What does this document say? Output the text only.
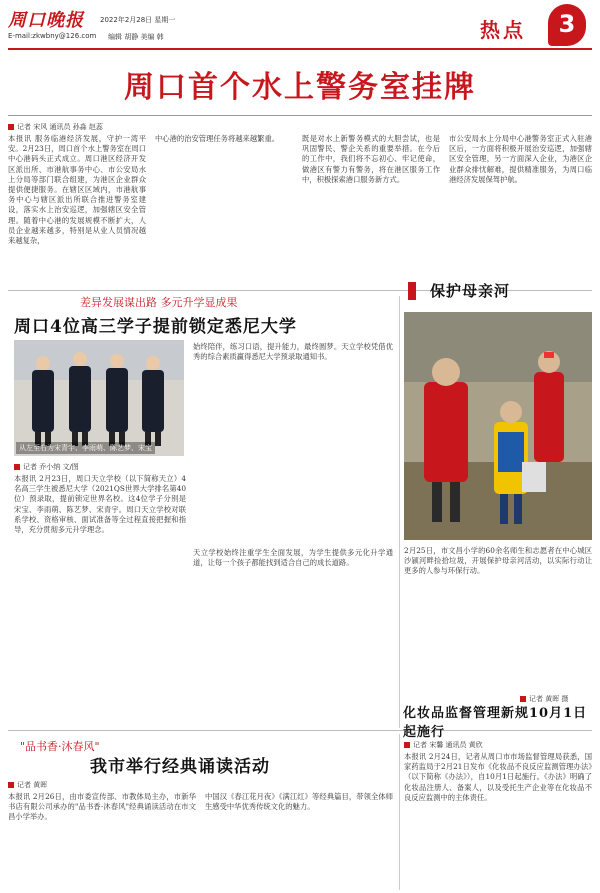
周口晚报
E-mail:zkwbny@126.com
2022年2月28日 星期一
编辑 胡静 美编 韩	热点	3
周口首个水上警务室挂牌
记者 宋风 通讯员 孙淼 赵蕊
本报讯 服务临港经济发展，守护一湾平安。2月23日，周口首个水上警务室在周口中心港码头正式成立。周口港区经济开发区派出所、市港航事务中心、市公安局水上分局等部门联合组建，为港区企业群众提供便捷服务。在辖区区域内，市港航事务中心与辖区派出所联合推进警务室建设，落实水上治安巡逻，加强辖区安全管理。随着中心港的发展规模不断扩大，人员企业越来越多，特别是从业人员情况越来越复杂，
中心港的治安管理任务将越来越繁重。	既是对水上新警务模式的大胆尝试，也是巩固警民、警企关系的重要举措。在今后的工作中，我们将不忘初心、牢记使命，做港区有警力有警务，将在港区服务工作中，积极探索港口服务新方式。
市公安局水上分局中心港警务室正式入驻港区后，一方面将积极开展治安巡逻，加强辖区安全管理，另一方面深入企业，为港区企业群众排忧解难，提供精准服务，为周口临港经济发展保驾护航。
差异发展谋出路 多元升学显成果
周口4位高三学子提前锁定悉尼大学
从左至右为宋青宇、李雨萌、陈艺梦、宋宝
记者 乔小纳 文/图
本报讯 2月23日，周口天立学校（以下简称天立）4名高三学生被悉尼大学（2021QS世界大学排名第40位）预录取，提前锁定世界名校。这4位学子分别是宋宝、李雨萌、陈艺梦、宋青宇。周口天立学校对联系学校、资格审核、面试准备等全过程直接把握和指导，充分贯彻多元升学理念。
始终陪伴，练习口语，提升能力，最终圆梦。天立学校凭借优秀的综合素质赢得悉尼大学预录取通知书。
天立学校始终注重学生全面发展，为学生提供多元化升学通道，让每一个孩子都能找到适合自己的成长道路。
保护母亲河
2月25日，市文昌小学的60余名师生和志愿者在中心城区沙颍河畔捡拾垃圾，开展保护母亲河活动，以实际行动让更多的人参与环保行动。
记者 黄晖 摄
"品书香·沐春风"
我市举行经典诵读活动
记者 黄晖
本报讯 2月26日，由市委宣传部、市教体局主办，市新华书店有限公司承办的"品书香·沐春风"经典诵读活动在市文昌小学举办。
中国汉《春江花月夜》《满江红》等经典篇目，带领全体师生感受中华优秀传统文化的魅力。
化妆品监督管理新规10月1日起施行
记者 宋馨 通讯员 黄欣
本报讯 2月24日，记者从周口市市场监督管理局获悉，国家药监局于2月21日发布《化妆品不良反应监测管理办法》（以下简称《办法》），自10月1日起施行。《办法》明确了化妆品注册人、备案人，以及受托生产企业等在化妆品不良反应监测中的主体责任。
